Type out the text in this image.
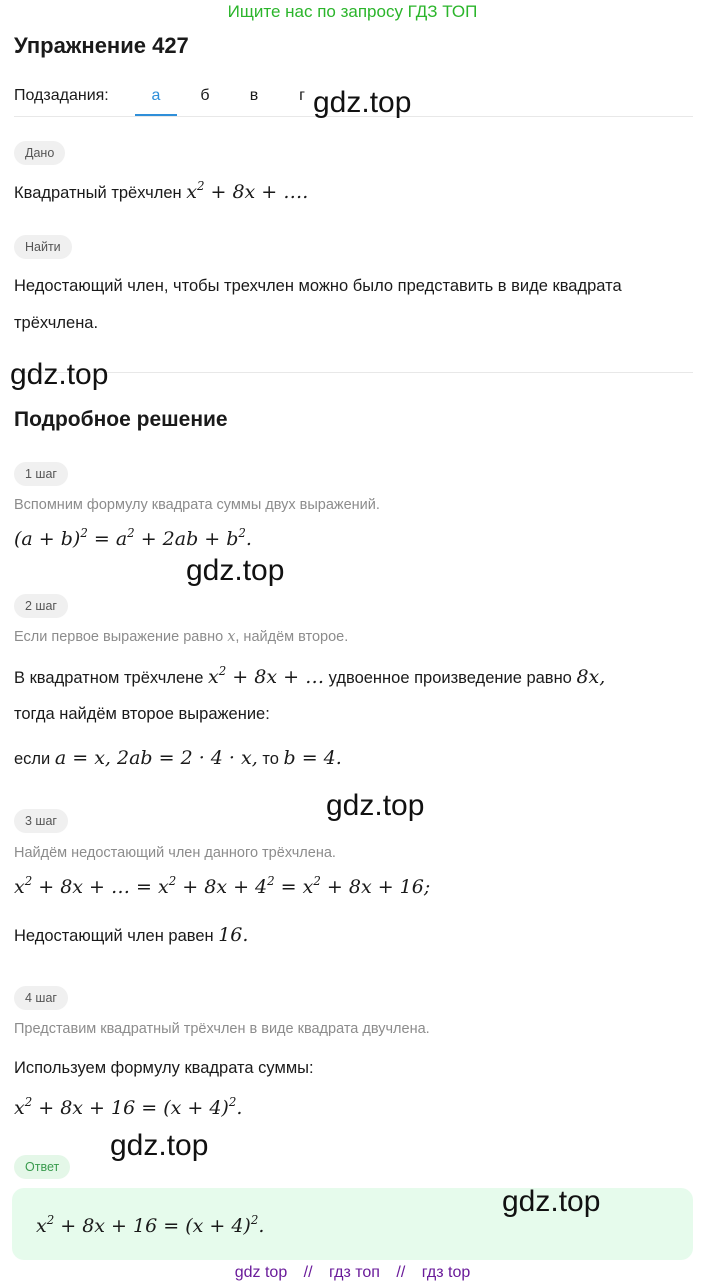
Ищите нас по запросу ГДЗ ТОП
Упражнение 427
Подзадания:	а	б	в	г
Дано
Квадратный трёхчлен $x^2 + 8x$ + ….
Найти
Недостающий член, чтобы трехчлен можно было представить в виде квадрата
трёхчлена.
Подробное решение
1 шаг
Вспомним формулу квадрата суммы двух выражений.
$(a + b)^2 = a^2 + 2ab + b^2$.
2 шаг
Если первое выражение равно x, найдём второе.
В квадратном трёхчлене $x^2 + 8x$ + … удвоенное произведение равно 8x,
тогда найдём второе выражение:
если a = x, 2ab = 2 · 4 · x, то b = 4.
3 шаг
Найдём недостающий член данного трёхчлена.
$x^2 + 8x$ + … = $x^2 + 8x + 4^2 = x^2 + 8x + 16$;
Недостающий член равен 16.
4 шаг
Представим квадратный трёхчлен в виде квадрата двучлена.
Используем формулу квадрата суммы:
$x^2 + 8x + 16 = (x + 4)^2$.
Ответ
$x^2 + 8x + 16 = (x + 4)^2$.
gdz.top
gdz.top
gdz.top
gdz.top
gdz.top
gdz.top
gdz top // гдз топ // гдз top
